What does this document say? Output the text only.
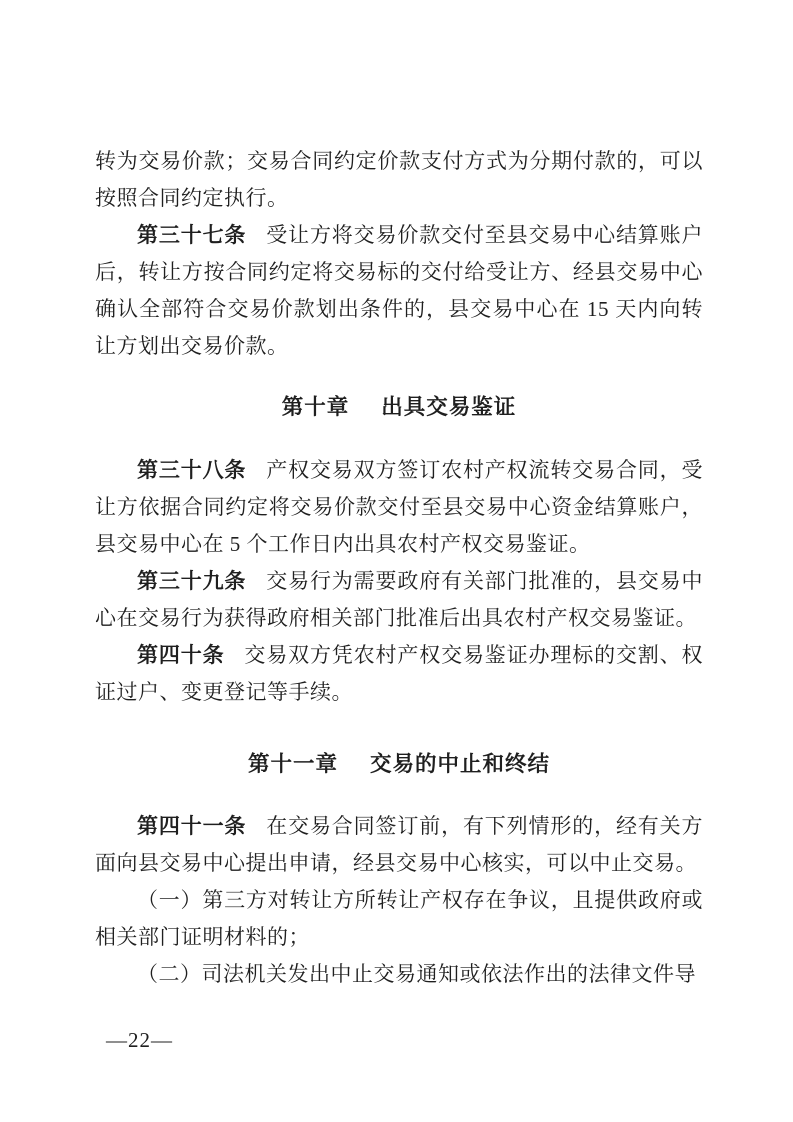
转为交易价款；交易合同约定价款支付方式为分期付款的，可以按照合同约定执行。

第三十七条 受让方将交易价款交付至县交易中心结算账户后，转让方按合同约定将交易标的交付给受让方、经县交易中心确认全部符合交易价款划出条件的，县交易中心在 15 天内向转让方划出交易价款。

第十章 出具交易鉴证

第三十八条 产权交易双方签订农村产权流转交易合同，受让方依据合同约定将交易价款交付至县交易中心资金结算账户，县交易中心在 5 个工作日内出具农村产权交易鉴证。

第三十九条 交易行为需要政府有关部门批准的，县交易中心在交易行为获得政府相关部门批准后出具农村产权交易鉴证。

第四十条 交易双方凭农村产权交易鉴证办理标的交割、权证过户、变更登记等手续。

第十一章 交易的中止和终结

第四十一条 在交易合同签订前，有下列情形的，经有关方面向县交易中心提出申请，经县交易中心核实，可以中止交易。

（一）第三方对转让方所转让产权存在争议，且提供政府或相关部门证明材料的；

（二）司法机关发出中止交易通知或依法作出的法律文件导

—22—
